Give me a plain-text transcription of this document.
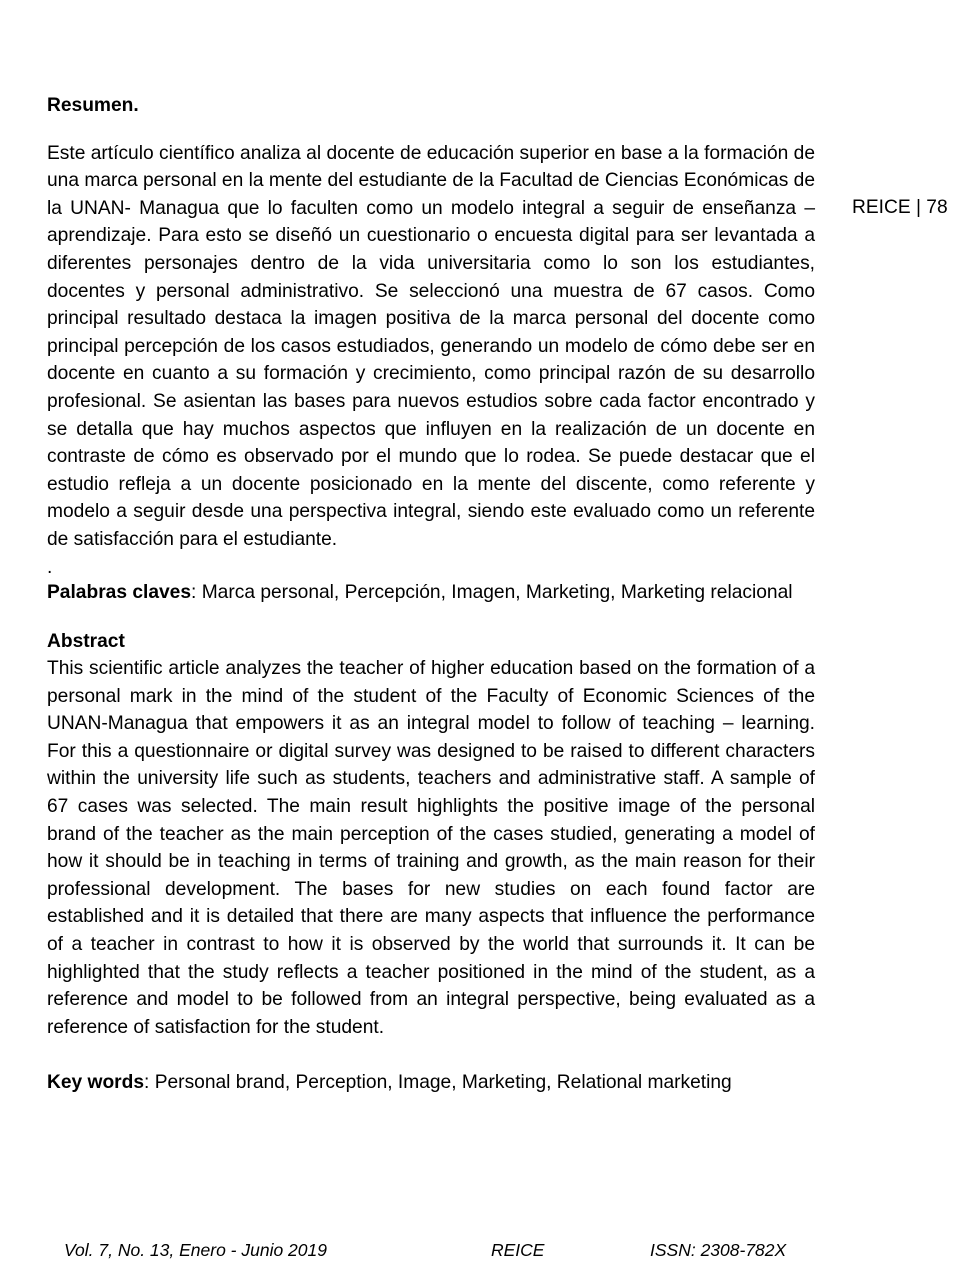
Resumen.

Este artículo científico analiza al docente de educación superior en base a la formación de una marca personal en la mente del estudiante de la Facultad de Ciencias Económicas de la UNAN- Managua que lo faculten como un modelo integral a seguir de enseñanza – aprendizaje. Para esto se diseñó un cuestionario o encuesta digital para ser levantada a diferentes personajes dentro de la vida universitaria como lo son los estudiantes, docentes y personal administrativo. Se seleccionó una muestra de 67 casos. Como principal resultado destaca la imagen positiva de la marca personal del docente como principal percepción de los casos estudiados, generando un modelo de cómo debe ser en docente en cuanto a su formación y crecimiento, como principal razón de su desarrollo profesional. Se asientan las bases para nuevos estudios sobre cada factor encontrado y se detalla que hay muchos aspectos que influyen en la realización de un docente en contraste de cómo es observado por el mundo que lo rodea. Se puede destacar que el estudio refleja a un docente posicionado en la mente del discente, como referente y modelo a seguir desde una perspectiva integral, siendo este evaluado como un referente de satisfacción para el estudiante.

.

Palabras claves: Marca personal, Percepción, Imagen, Marketing, Marketing relacional

Abstract

This scientific article analyzes the teacher of higher education based on the formation of a personal mark in the mind of the student of the Faculty of Economic Sciences of the UNAN-Managua that empowers it as an integral model to follow of teaching – learning. For this a questionnaire or digital survey was designed to be raised to different characters within the university life such as students, teachers and administrative staff. A sample of 67 cases was selected. The main result highlights the positive image of the personal brand of the teacher as the main perception of the cases studied, generating a model of how it should be in teaching in terms of training and growth, as the main reason for their professional development. The bases for new studies on each found factor are established and it is detailed that there are many aspects that influence the performance of a teacher in contrast to how it is observed by the world that surrounds it. It can be highlighted that the study reflects a teacher positioned in the mind of the student, as a reference and model to be followed from an integral perspective, being evaluated as a reference of satisfaction for the student.

Key words: Personal brand, Perception, Image, Marketing, Relational marketing

REICE | 78
Vol. 7, No. 13, Enero - Junio 2019	REICE	ISSN: 2308-782X
